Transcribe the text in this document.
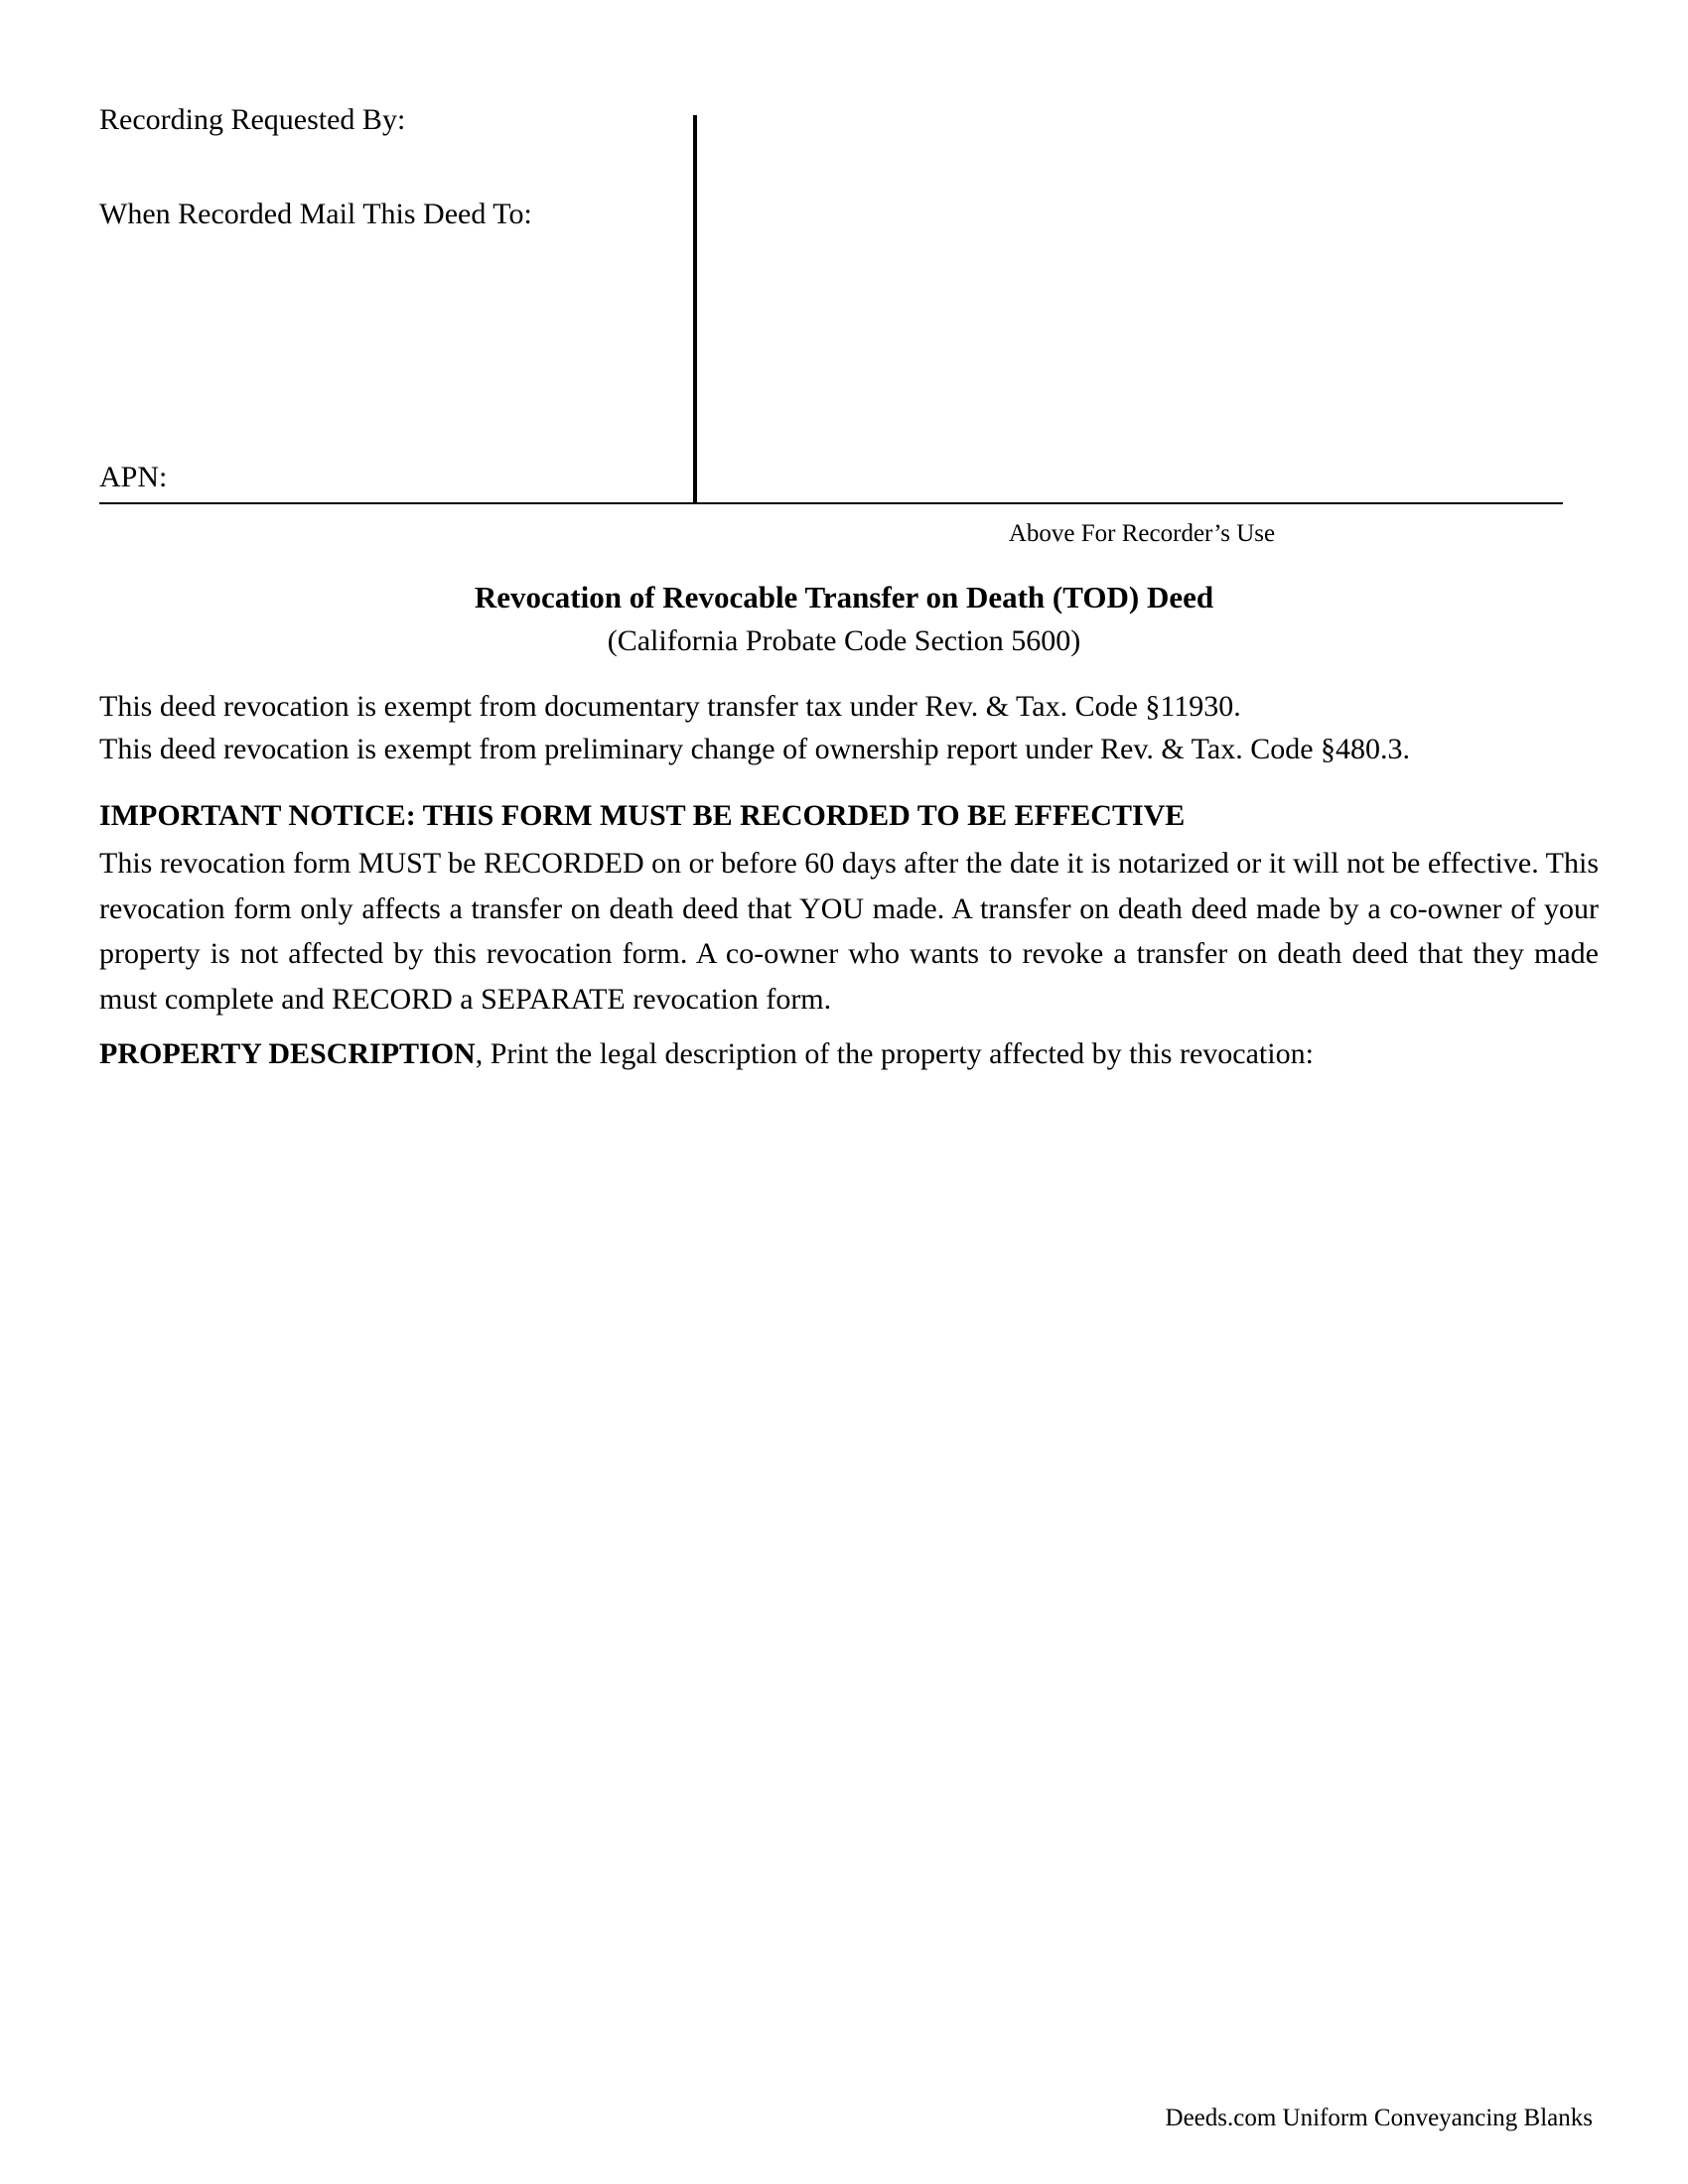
Recording Requested By:
When Recorded Mail This Deed To:
APN:
Above For Recorder’s Use
Revocation of Revocable Transfer on Death (TOD) Deed
(California Probate Code Section 5600)
This deed revocation is exempt from documentary transfer tax under Rev. & Tax. Code §11930.
This deed revocation is exempt from preliminary change of ownership report under Rev. & Tax. Code §480.3.
IMPORTANT NOTICE: THIS FORM MUST BE RECORDED TO BE EFFECTIVE
This revocation form MUST be RECORDED on or before 60 days after the date it is notarized or it will not be effective. This revocation form only affects a transfer on death deed that YOU made. A transfer on death deed made by a co-owner of your property is not affected by this revocation form. A co-owner who wants to revoke a transfer on death deed that they made must complete and RECORD a SEPARATE revocation form.
PROPERTY DESCRIPTION, Print the legal description of the property affected by this revocation:
Deeds.com Uniform Conveyancing Blanks
